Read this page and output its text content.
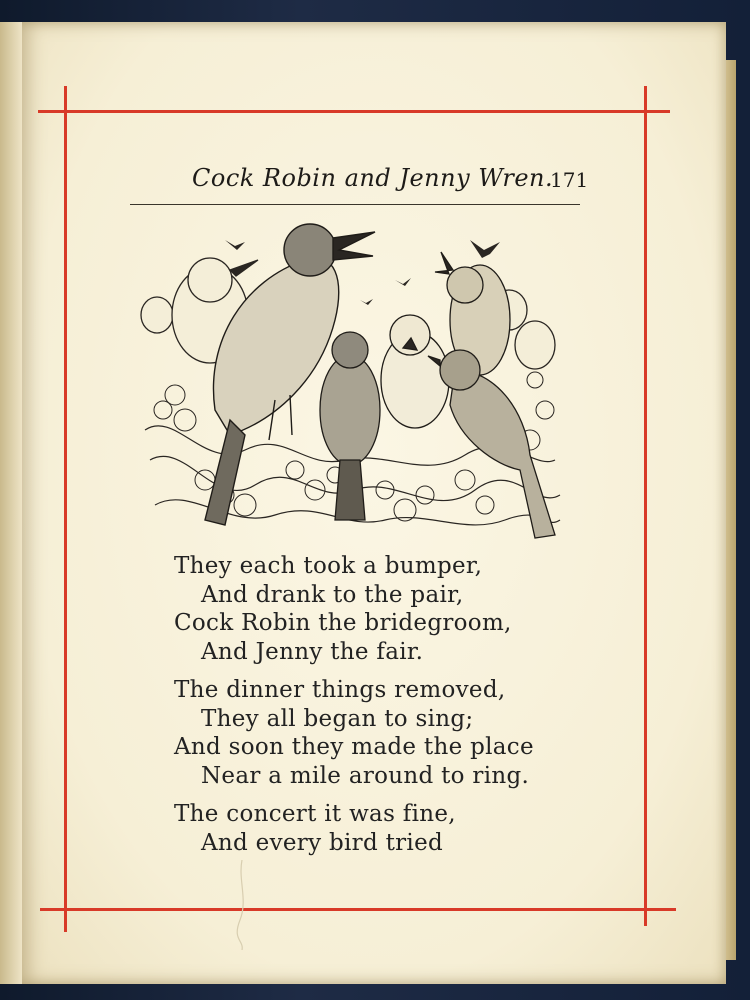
Cock Robin and Jenny Wren.
171
They each took a bumper,
And drank to the pair,
Cock Robin the bridegroom,
And Jenny the fair.
The dinner things removed,
They all began to sing;
And soon they made the place
Near a mile around to ring.
The concert it was fine,
And every bird tried
